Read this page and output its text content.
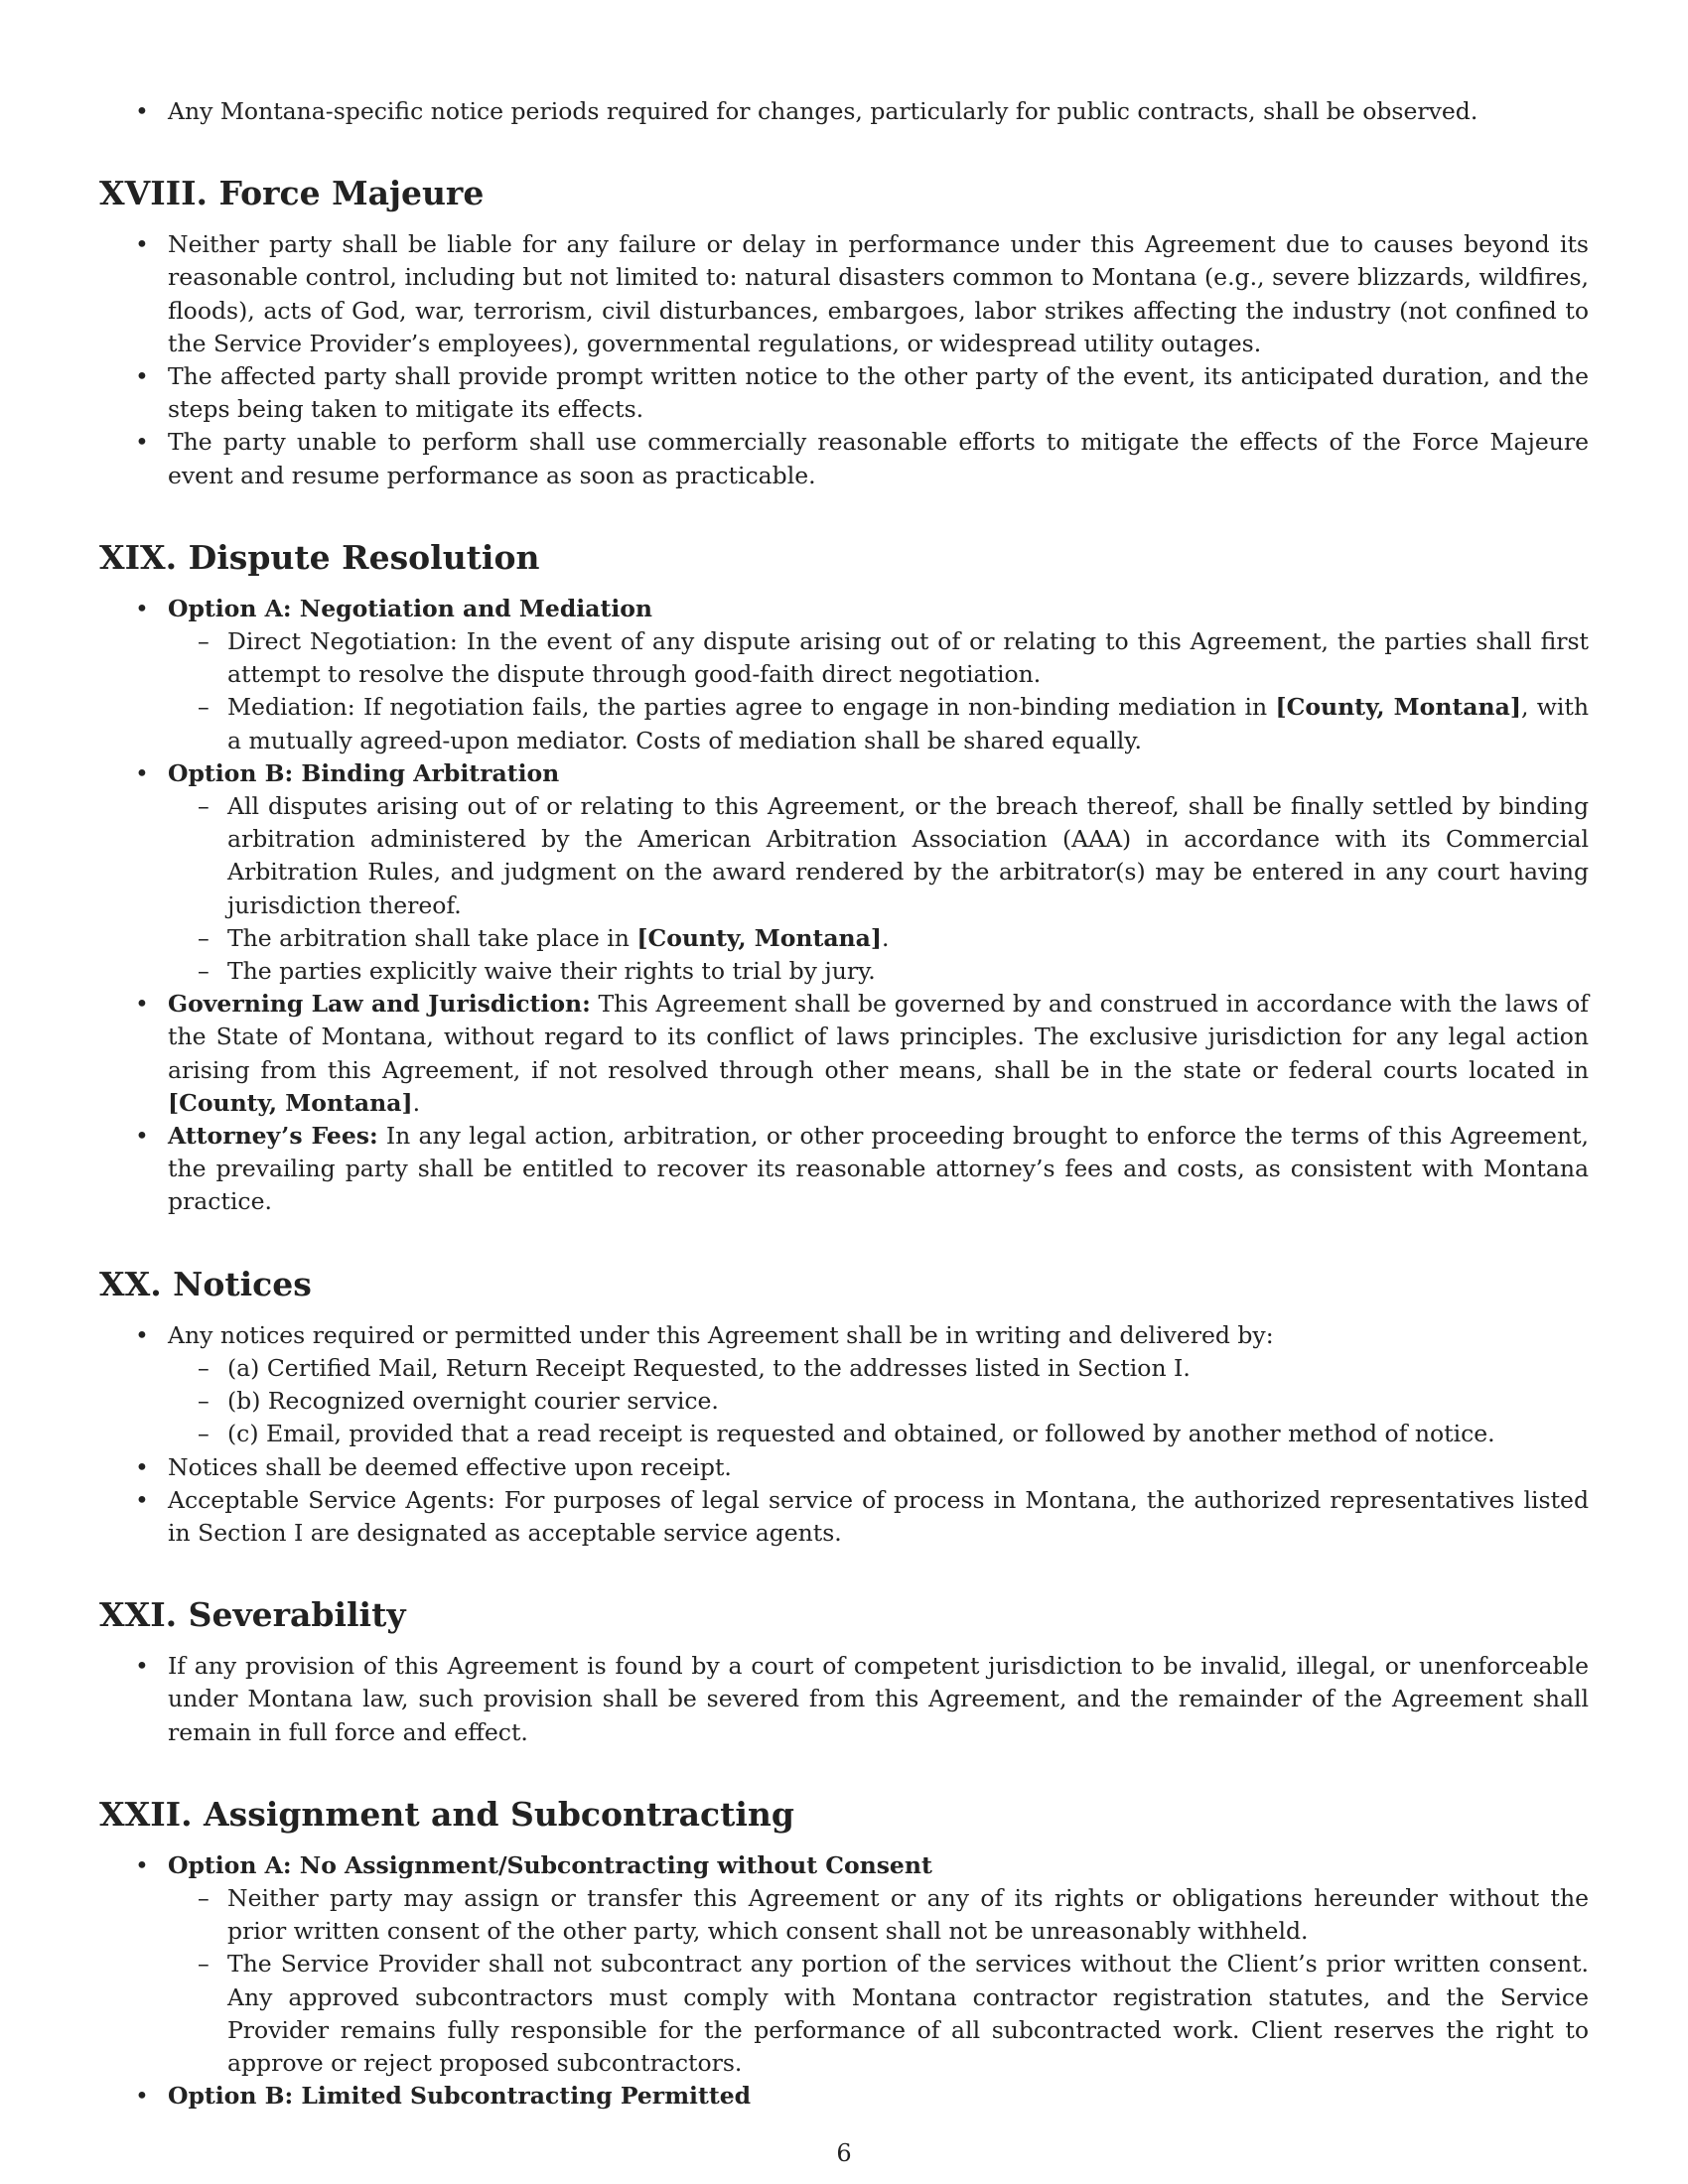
• Any Montana-specific notice periods required for changes, particularly for public contracts, shall be observed.
XVIII. Force Majeure
• Neither party shall be liable for any failure or delay in performance under this Agreement due to causes beyond its reasonable control, including but not limited to: natural disasters common to Montana (e.g., severe blizzards, wildfires, floods), acts of God, war, terrorism, civil disturbances, embargoes, labor strikes affecting the industry (not confined to the Service Provider’s employees), governmental regulations, or widespread utility outages.
• The affected party shall provide prompt written notice to the other party of the event, its anticipated duration, and the steps being taken to mitigate its effects.
• The party unable to perform shall use commercially reasonable efforts to mitigate the effects of the Force Majeure event and resume performance as soon as practicable.
XIX. Dispute Resolution
• Option A: Negotiation and Mediation
– Direct Negotiation: In the event of any dispute arising out of or relating to this Agreement, the parties shall first attempt to resolve the dispute through good-faith direct negotiation.
– Mediation: If negotiation fails, the parties agree to engage in non-binding mediation in [County, Montana], with a mutually agreed-upon mediator. Costs of mediation shall be shared equally.
• Option B: Binding Arbitration
– All disputes arising out of or relating to this Agreement, or the breach thereof, shall be finally settled by binding arbitration administered by the American Arbitration Association (AAA) in accordance with its Commercial Arbitration Rules, and judgment on the award rendered by the arbitrator(s) may be entered in any court having jurisdiction thereof.
– The arbitration shall take place in [County, Montana].
– The parties explicitly waive their rights to trial by jury.
• Governing Law and Jurisdiction: This Agreement shall be governed by and construed in accordance with the laws of the State of Montana, without regard to its conflict of laws principles. The exclusive jurisdiction for any legal action arising from this Agreement, if not resolved through other means, shall be in the state or federal courts located in [County, Montana].
• Attorney’s Fees: In any legal action, arbitration, or other proceeding brought to enforce the terms of this Agreement, the prevailing party shall be entitled to recover its reasonable attorney’s fees and costs, as consistent with Montana practice.
XX. Notices
• Any notices required or permitted under this Agreement shall be in writing and delivered by:
– (a) Certified Mail, Return Receipt Requested, to the addresses listed in Section I.
– (b) Recognized overnight courier service.
– (c) Email, provided that a read receipt is requested and obtained, or followed by another method of notice.
• Notices shall be deemed effective upon receipt.
• Acceptable Service Agents: For purposes of legal service of process in Montana, the authorized representatives listed in Section I are designated as acceptable service agents.
XXI. Severability
• If any provision of this Agreement is found by a court of competent jurisdiction to be invalid, illegal, or unenforceable under Montana law, such provision shall be severed from this Agreement, and the remainder of the Agreement shall remain in full force and effect.
XXII. Assignment and Subcontracting
• Option A: No Assignment/Subcontracting without Consent
– Neither party may assign or transfer this Agreement or any of its rights or obligations hereunder without the prior written consent of the other party, which consent shall not be unreasonably withheld.
– The Service Provider shall not subcontract any portion of the services without the Client’s prior written consent. Any approved subcontractors must comply with Montana contractor registration statutes, and the Service Provider remains fully responsible for the performance of all subcontracted work. Client reserves the right to approve or reject proposed subcontractors.
• Option B: Limited Subcontracting Permitted
6
